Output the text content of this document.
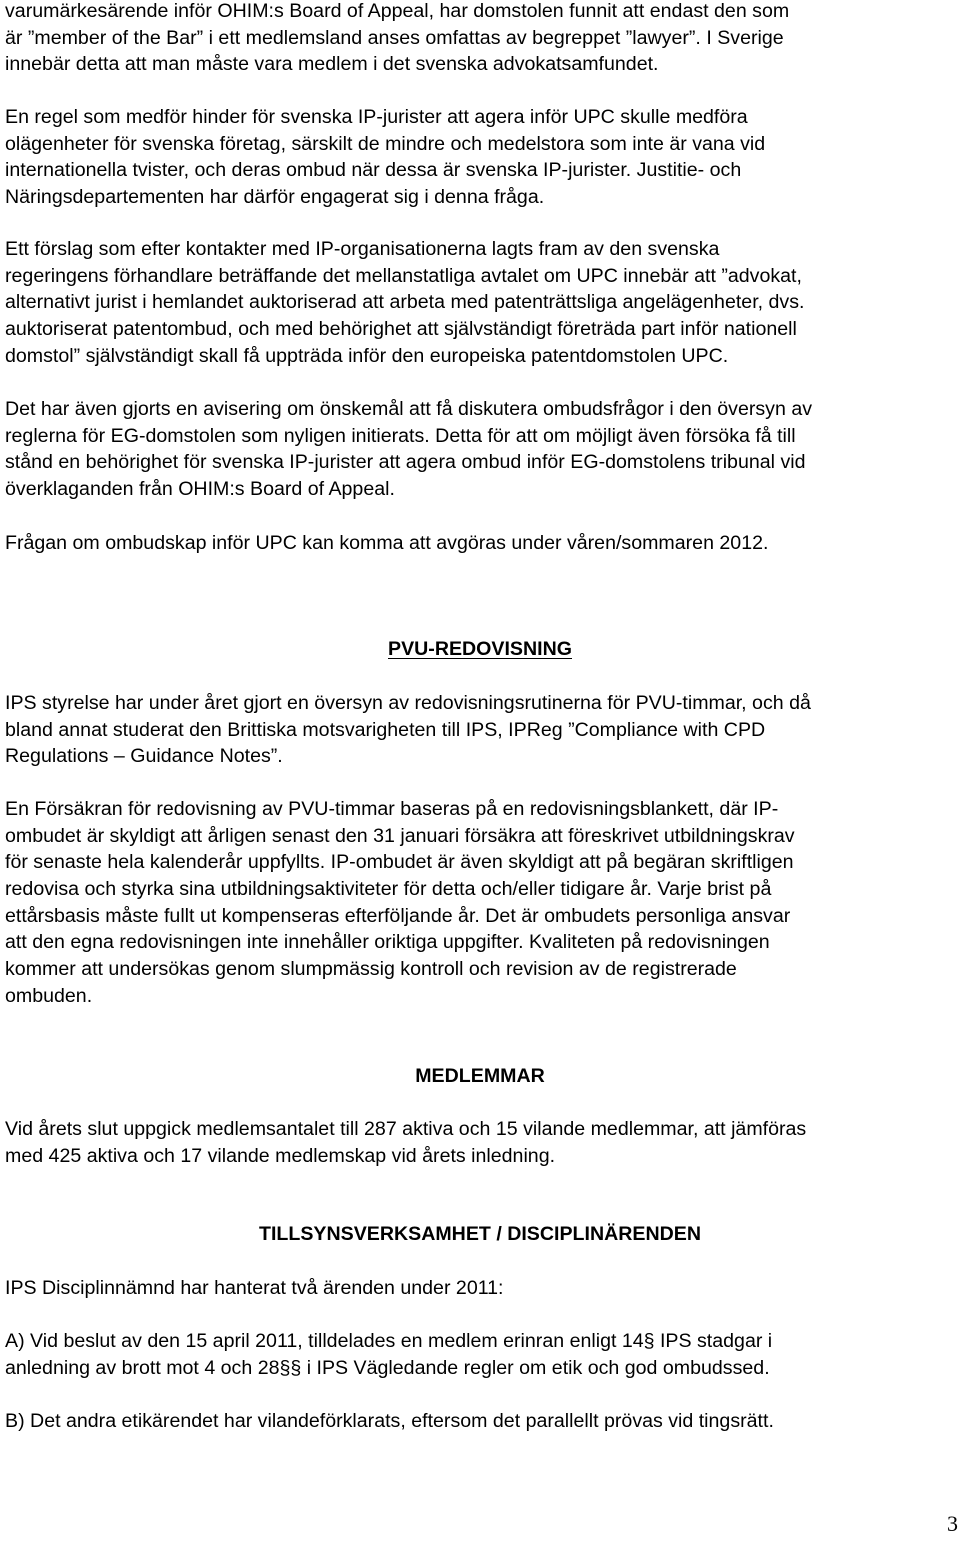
varumärkesärende inför OHIM:s Board of Appeal, har domstolen funnit att endast den som
är ”member of the Bar” i ett medlemsland anses omfattas av begreppet ”lawyer”. I Sverige
innebär detta att man måste vara medlem i det svenska advokatsamfundet.
En regel som medför hinder för svenska IP-jurister att agera inför UPC skulle medföra
olägenheter för svenska företag, särskilt de mindre och medelstora som inte är vana vid
internationella tvister, och deras ombud när dessa är svenska IP-jurister. Justitie- och
Näringsdepartementen har därför engagerat sig i denna fråga.
Ett förslag som efter kontakter med IP-organisationerna lagts fram av den svenska
regeringens förhandlare beträffande det mellanstatliga avtalet om UPC innebär att ”advokat,
alternativt jurist i hemlandet auktoriserad att arbeta med patenträttsliga angelägenheter, dvs.
auktoriserat patentombud, och med behörighet att självständigt företräda part inför nationell
domstol” självständigt skall få uppträda inför den europeiska patentdomstolen UPC.
Det har även gjorts en avisering om önskemål att få diskutera ombudsfrågor i den översyn av
reglerna för EG-domstolen som nyligen initierats. Detta för att om möjligt även försöka få till
stånd en behörighet för svenska IP-jurister att agera ombud inför EG-domstolens tribunal vid
överklaganden från OHIM:s Board of Appeal.
Frågan om ombudskap inför UPC kan komma att avgöras under våren/sommaren 2012.
PVU-REDOVISNING
IPS styrelse har under året gjort en översyn av redovisningsrutinerna för PVU-timmar, och då
bland annat studerat den Brittiska motsvarigheten till IPS, IPReg ”Compliance with CPD
Regulations – Guidance Notes”.
En Försäkran för redovisning av PVU-timmar baseras på en redovisningsblankett, där IP-
ombudet är skyldigt att årligen senast den 31 januari försäkra att föreskrivet utbildningskrav
för senaste hela kalenderår uppfyllts. IP-ombudet är även skyldigt att på begäran skriftligen
redovisa och styrka sina utbildningsaktiviteter för detta och/eller tidigare år. Varje brist på
ettårsbasis måste fullt ut kompenseras efterföljande år. Det är ombudets personliga ansvar
att den egna redovisningen inte innehåller oriktiga uppgifter. Kvaliteten på redovisningen
kommer att undersökas genom slumpmässig kontroll och revision av de registrerade
ombuden.
MEDLEMMAR
Vid årets slut uppgick medlemsantalet till 287 aktiva och 15 vilande medlemmar, att jämföras
med 425 aktiva och 17 vilande medlemskap vid årets inledning.
TILLSYNSVERKSAMHET / DISCIPLINÄRENDEN
IPS Disciplinnämnd har hanterat två ärenden under 2011:
A) Vid beslut av den 15 april 2011, tilldelades en medlem erinran enligt 14§ IPS stadgar i
anledning av brott mot 4 och 28§§ i IPS Vägledande regler om etik och god ombudssed.
B) Det andra etikärendet har vilandeförklarats, eftersom det parallellt prövas vid tingsrätt.
3
